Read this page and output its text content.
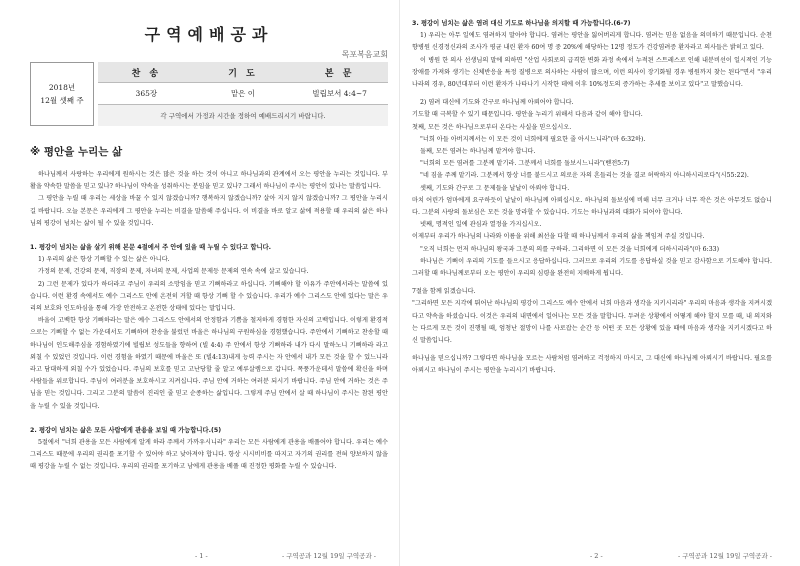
구역예배공과
목포복음교회
2018년
12월 셋째 주
찬 송	기 도	본 문
365장	맡은 이	빌립보서 4:4~7
각 구역에서 가정과 시간을 정하여 예배드리시기 바랍니다.
※ 평안을 누리는 삶

하나님께서 사랑하는 우리에게 원하시는 것은 많은 것을 하는 것이 아니고 하나님과의 관계에서 오는 평안을 누리는 것입니다. 부활을 약속한 말씀을 믿고 있나? 하나님이 약속을 성취하시는 분임을 믿고 있나? 그래서 하나님이 주시는 평안이 있나는 말씀입니다.

그 평안을 누릴 때 우리는 세상을 바꿀 수 있지 않겠습니까? 행복하지 않겠습니까? 살아 지지 않지 않겠습니까? 그 평안을 누리시길 바랍니다. 오늘 본문은 우리에게 그 평안을 누리는 비결을 말씀해 주십니다. 이 비결을 바로 알고 삶에 적용할 때 우리의 삶은 하나님의 평강이 넘치는 삶이 될 수 있을 것입니다.

1. 평강이 넘치는 삶을 살기 위해 본문 4절에서 주 안에 있을 때 누릴 수 있다고 합니다.

1) 우리의 삶은 항상 기뻐할 수 있는 삶은 아니다.

가정의 문제, 건강의 문제, 직장의 문제, 자녀의 문제, 사업의 문제등 문제의 연속 속에 살고 있습니다.

2) 그런 문제가 있다가 하더라고 주님이 우리의 소망임을 믿고 기뻐하라고 하십니다. 기뻐해야 할 이유가 주안에서라는 말씀에 있습니다. 이런 환경 속에서도 예수 그리스도 안에 온전히 거할 때 항상 기뻐 할 수 있습니다. 우리가 예수 그리스도 안에 있다는 말은 우리의 보호와 인도하심을 통해 가장 안전하고 온전한 상태에 있다는 말입니다.

바울이 고백한 항상 기뻐하라는 말은 예수 그리스도 안에서의 안정함과 기쁨을 철저하게 경험한 자신의 고백입니다. 이렇게 환경적으로는 기뻐할 수 없는 가운데서도 기뻐하며 찬송을 불렀던 바울은 하나님의 구원하심을 경험했습니다. 주안에서 기뻐하고 찬송할 때 하나님이 인도해주심을 경험하였기에 빌립보 성도들을 향하여 (빌 4:4) 주 안에서 항상 기뻐하라 내가 다시 말하노니 기뻐하라 라고 외칠 수 있었던 것입니다. 이런 경험을 하였기 때문에 바울은 또 (빌4:13)내게 능력 주시는 자 안에서 내가 모든 것을 할 수 있느니라 라고 담대하게 외칠 수가 있었습니다. 주님의 보호를 믿고 고난당할 줄 알고 예루살렘으로 갑니다. 폭풍가운데서 말씀에 확신을 하며 사람들을 위로합니다. 주님이 여러분을 보호하시고 지켜십니다. 주님 안에 거하는 여러분 되시기 바랍니다. 주님 안에 거하는 것은 주님을 믿는 것입니다. 그리고 그분의 말씀이 진리인 줄 믿고 순종하는 삶입니다. 그렇게 주님 안에서 살 때 하나님이 주시는 참된 평안을 누릴 수 있을 것입니다.

2. 평강이 넘치는 삶은 모든 사람에게 관용을 보일 때 가능합니다.(5)

5절에서 "너희 관용을 모든 사람에게 알게 하라 주께서 가까우시니라" 우리는 모든 사람에게 관용을 배풀어야 합니다. 우리는 예수 그리스도 때문에 우리의 권리를 포기할 수 있어야 하고 낮아져야 합니다. 항상 시시비비를 따지고 자기의 권리를 전혀 양보하지 않을 때 평강을 누릴 수 없는 것입니다. 우리의 권리를 포기하고 남에게 관용을 베풀 때 진정한 평화를 누릴 수 있습니다.

- 1 -	- 구역공과 12월 19일 구역공과 -
3. 평강이 넘치는 삶은 염려 대신 기도로 하나님을 의지할 때 가능합니다.(6-7)

1) 우리는 아무 일에도 염려하지 말아야 합니다. 염려는 평안을 잃어버리게 합니다. 염려는 믿음 없음을 의미하기 때문입니다. 순천향병원 신경정신과의 조사가 평균 내린 환자 60여 명 중 20%에 해당하는 12명 정도가 건강염려증 환자라고 의사들은 밝히고 있다.

이 병원 한 의사 선생님의 말에 의하면 "산업 사회로의 급격한 변화 과정 속에서 누적된 스트레스로 인해 내분비선이 일시적인 기능장애를 가져와 생기는 신체반응을 특정 질병으로 의사하는 사람이 많으며, 이런 의사이 장기화될 경우 병원까지 찾는 된다"면서 "우리나라의 경우, 80년대부터 이런 환자가 나타나기 시작한 데에 이후 10%정도의 증가하는 추세를 보이고 있다"고 말했습니다.

2) 염려 대신에 기도와 간구로 하나님께 아뢰어야 합니다.

기도할 때 극복할 수 있기 때문입니다. 평안을 누리기 위해서 다음과 같이 해야 합니다.

첫째, 모든 것은 하나님으로부터 온다는 사실을 믿으십시오.

"너희 아들 아버지께서는 이 모든 것이 너희에게 필요한 줄 아시느니라"(마 6:32하).

둘째, 모든 염려는 하나님께 맡겨야 합니다.

"너희의 모든 염려를 그분께 맡기라. 그분께서 너희를 돌보시느니라"(벧전5:7)

"네 짐을 주께 맡기라. 그분께서 항상 너를 붙드시고 의로운 자의 흔들리는 것을 결코 허락하지 아니하시리로다"(시55:22).

셋째, 기도와 간구로 그 문제들을 날날이 아뢰야 합니다.

마치 어린가 엄마에게 요구하듯이 날날이 하나님께 아뢰십시오. 하나님의 돌보심에 비해 너무 크거나 너무 작은 것은 아무것도 없습니다. 그분의 사랑의 돌보심은 모든 것을 망라할 수 있습니다. 기도는 하나님과의 대화가 되어야 합니다.

넷째, 명적인 일에 관심과 열정을 가지십시오.

이제부터 우리가 하나님의 나라와 이름을 위해 최선을 다할 때 하나님께서 우리의 삶을 책임져 주실 것입니다.

"오직 너희는 먼저 하나님의 왕국과 그분의 의를 구하라. 그리하면 이 모든 것을 너희에게 더하시리라"(마 6:33)

하나님은 기뻐이 우리의 기도를 들으시고 응답하십니다. 그러므로 우리의 기도를 응답하실 것을 믿고 감사함으로 기도해야 합니다. 그러할 때 하나님께로부터 오는 평안이 우리의 심령을 완전히 지배하게 됩니다.

7절을 함께 읽겠습니다.

"그리하면 모든 지각에 뛰어난 하나님의 평강이 그리스도 예수 안에서 너희 마음과 생각을 지키시리라" 우리의 마음과 생각을 지켜시겠다고 약속을 하셨습니다. 이것은 우리의 내면에서 일어나는 모든 것을 말합니다. 두려운 상황에서 어떻게 해야 할지 모를 때, 내 의지와는 다르게 모든 것이 진행될 때, 엄청난 절망이 나를 사로잡는 순간 등 어떤 곳 모든 상황에 있을 때에 마음과 생각을 지키시겠다고 하신 말씀입니다.

하나님을 믿으십니까? 그렇다면 하나님을 모르는 사람처럼 염려하고 걱정하지 마시고, 그 대신에 하나님께 아뢰시기 바랍니다. 필요를 아뢰시고 하나님이 주시는 평안을 누리시기 바랍니다.

- 2 -	- 구역공과 12월 19일 구역공과 -
